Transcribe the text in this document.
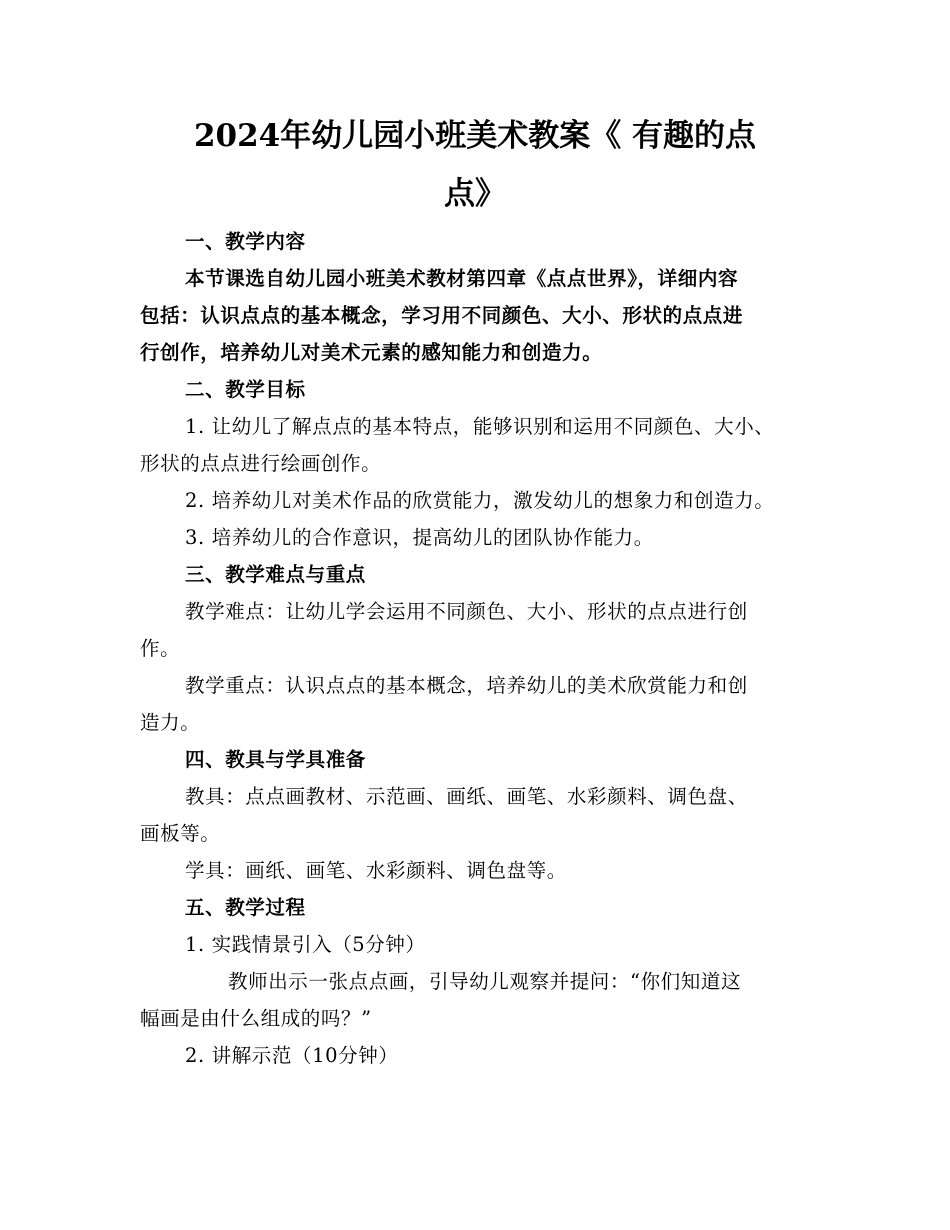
2024年幼儿园小班美术教案《 有趣的点
点》

一、教学内容

本节课选自幼儿园小班美术教材第四章《点点世界》，详细内容

包括：认识点点的基本概念，学习用不同颜色、大小、形状的点点进

行创作，培养幼儿对美术元素的感知能力和创造力。

二、教学目标

1. 让幼儿了解点点的基本特点，能够识别和运用不同颜色、大小、

形状的点点进行绘画创作。

2. 培养幼儿对美术作品的欣赏能力，激发幼儿的想象力和创造力。

3. 培养幼儿的合作意识，提高幼儿的团队协作能力。

三、教学难点与重点

教学难点：让幼儿学会运用不同颜色、大小、形状的点点进行创

作。

教学重点：认识点点的基本概念，培养幼儿的美术欣赏能力和创

造力。

四、教具与学具准备

教具：点点画教材、示范画、画纸、画笔、水彩颜料、调色盘、

画板等。

学具：画纸、画笔、水彩颜料、调色盘等。

五、教学过程

1. 实践情景引入（5分钟）

教师出示一张点点画，引导幼儿观察并提问：“你们知道这

幅画是由什么组成的吗？”

2. 讲解示范（10分钟）
